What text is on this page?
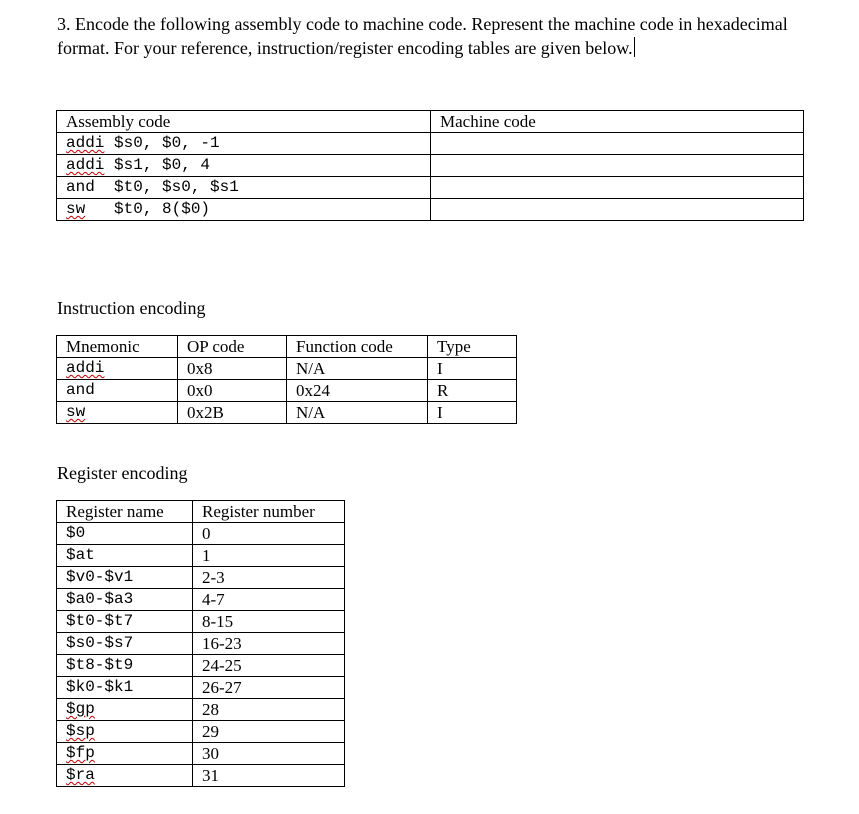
3. Encode the following assembly code to machine code. Represent the machine code in hexadecimal format. For your reference, instruction/register encoding tables are given below.
Assembly code	Machine code
addi $s0, $0, -1	
addi $s1, $0, 4	
and $t0, $s0, $s1	
sw $t0, 8($0)	
Instruction encoding
Mnemonic	OP code	Function code	Type
addi	0x8	N/A	I
and	0x0	0x24	R
sw	0x2B	N/A	I
Register encoding
Register name	Register number
$0	0
$at	1
$v0-$v1	2-3
$a0-$a3	4-7
$t0-$t7	8-15
$s0-$s7	16-23
$t8-$t9	24-25
$k0-$k1	26-27
$gp	28
$sp	29
$fp	30
$ra	31
